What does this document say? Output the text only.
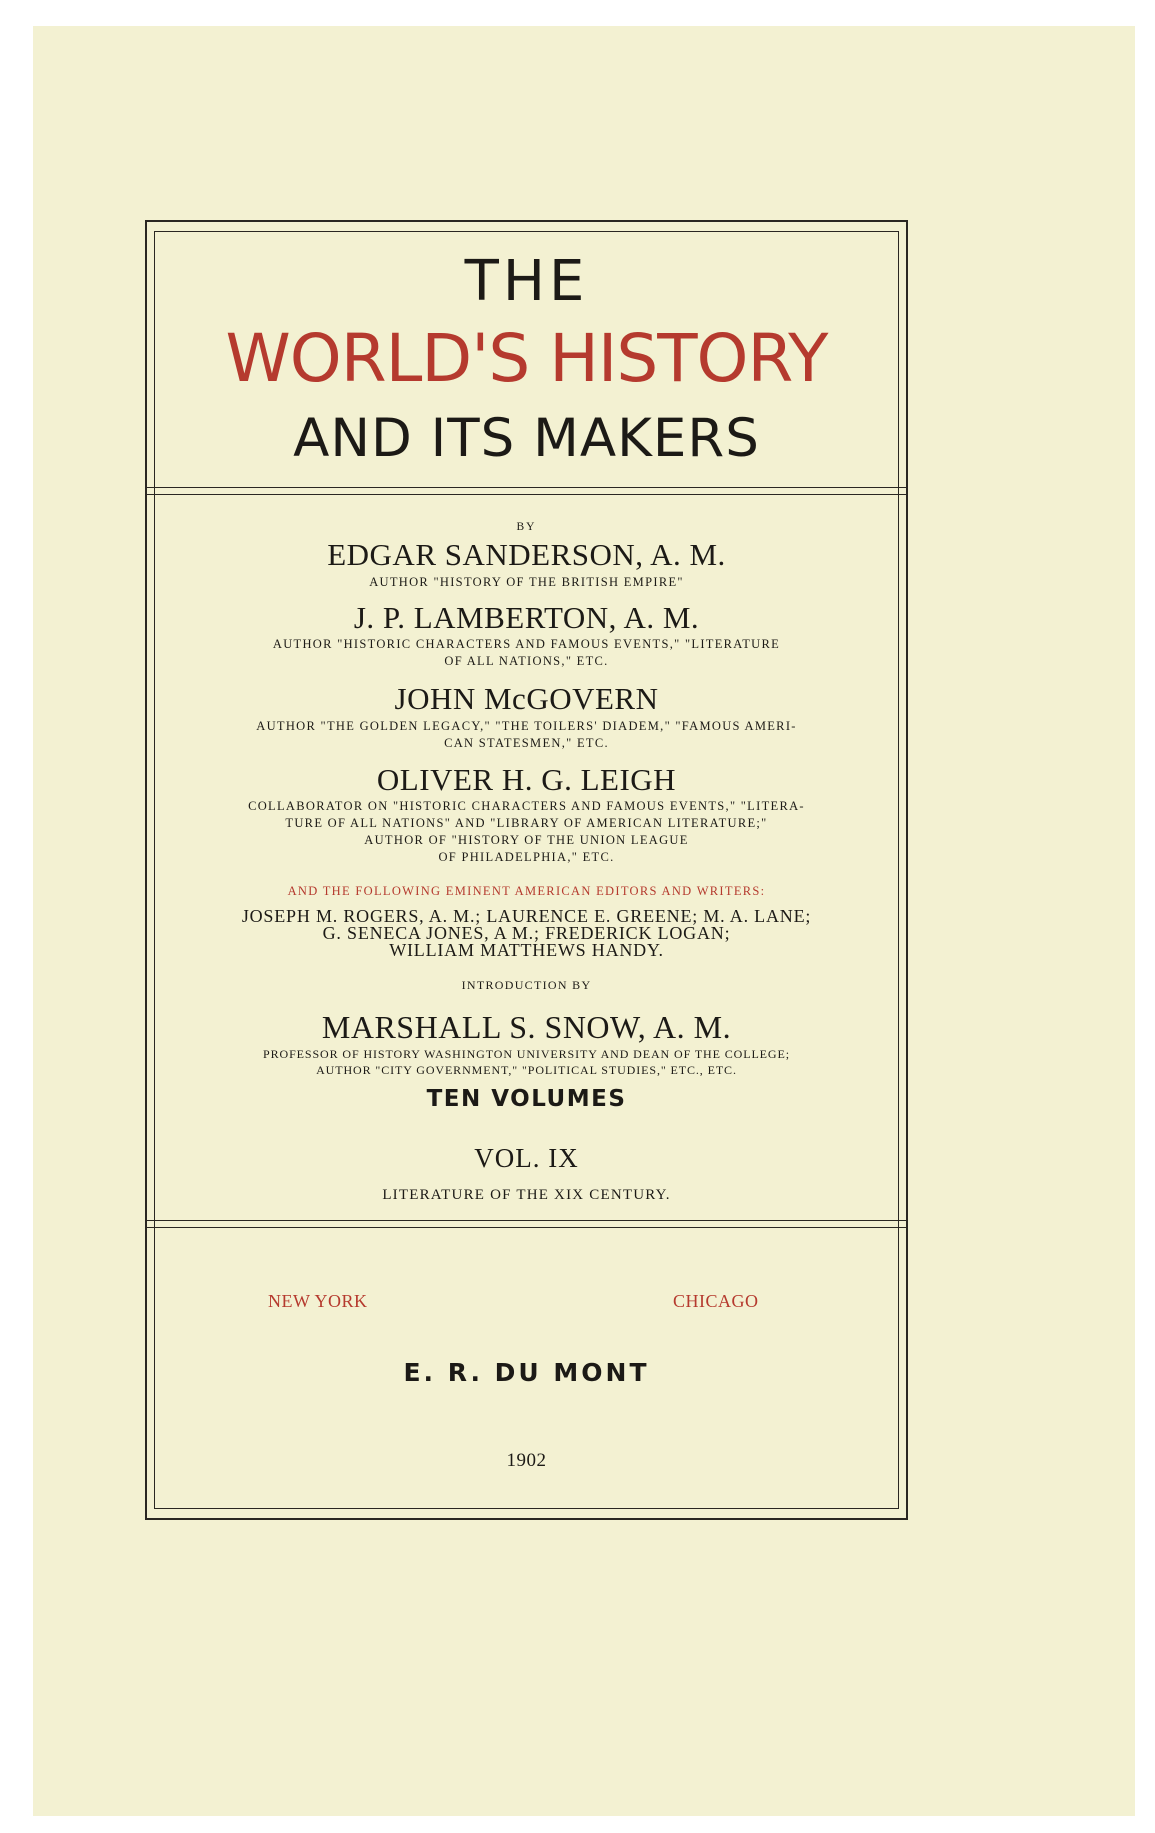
THE
WORLD'S HISTORY
AND ITS MAKERS
BY
EDGAR SANDERSON, A. M.
AUTHOR "HISTORY OF THE BRITISH EMPIRE"
J. P. LAMBERTON, A. M.
AUTHOR "HISTORIC CHARACTERS AND FAMOUS EVENTS," "LITERATURE
OF ALL NATIONS," ETC.
JOHN McGOVERN
AUTHOR "THE GOLDEN LEGACY," "THE TOILERS' DIADEM," "FAMOUS AMERI-
CAN STATESMEN," ETC.
OLIVER H. G. LEIGH
COLLABORATOR ON "HISTORIC CHARACTERS AND FAMOUS EVENTS," "LITERA-
TURE OF ALL NATIONS" AND "LIBRARY OF AMERICAN LITERATURE;"
AUTHOR OF "HISTORY OF THE UNION LEAGUE
OF PHILADELPHIA," ETC.
AND THE FOLLOWING EMINENT AMERICAN EDITORS AND WRITERS:
JOSEPH M. ROGERS, A. M.; LAURENCE E. GREENE; M. A. LANE;
G. SENECA JONES, A M.; FREDERICK LOGAN;
WILLIAM MATTHEWS HANDY.
INTRODUCTION BY
MARSHALL S. SNOW, A. M.
PROFESSOR OF HISTORY WASHINGTON UNIVERSITY AND DEAN OF THE COLLEGE;
AUTHOR "CITY GOVERNMENT," "POLITICAL STUDIES," ETC., ETC.
TEN VOLUMES
VOL. IX
LITERATURE OF THE XIX CENTURY.
NEW YORK	CHICAGO
E. R. DU MONT
1902
